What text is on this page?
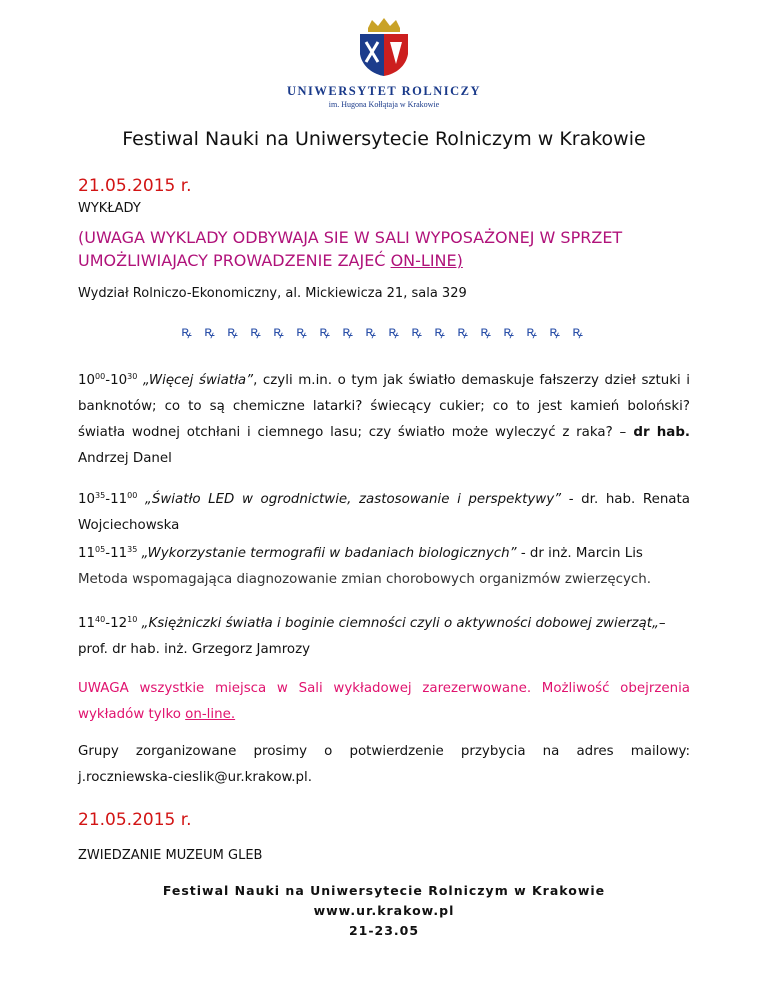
UNIWERSYTET ROLNICZY
im. Hugona Kołłątaja w Krakowie
Festiwal Nauki na Uniwersytecie Rolniczym w Krakowie
21.05.2015 r.
WYKŁADY
(UWAGA WYKLADY ODBYWAJA SIE W SALI WYPOSAŻONEJ W SPRZET
UMOŻLIWIAJACY PROWADZENIE ZAJEĆ ON-LINE)
Wydział Rolniczo-Ekonomiczny, al. Mickiewicza 21, sala 329
ꝶ ꝶ ꝶ ꝶ ꝶ ꝶ ꝶ ꝶ ꝶ ꝶ ꝶ ꝶ ꝶ ꝶ ꝶ ꝶ ꝶ ꝶ
$10^{00}-10^{30}$ „Więcej światła”, czyli m.in. o tym jak światło demaskuje fałszerzy dzieł sztuki i banknotów; co to są chemiczne latarki? świecący cukier; co to jest kamień boloński? światła wodnej otchłani i ciemnego lasu; czy światło może wyleczyć z raka? – dr hab. Andrzej Danel
$10^{35}-11^{00}$ „Światło LED w ogrodnictwie, zastosowanie i perspektywy” - dr. hab. Renata Wojciechowska
$11^{05}-11^{35}$ „Wykorzystanie termografii w badaniach biologicznych” - dr inż. Marcin Lis
Metoda wspomagająca diagnozowanie zmian chorobowych organizmów zwierzęcych.
$11^{40}-12^{10}$ „Księżniczki światła i boginie ciemności czyli o aktywności dobowej zwierząt„–
prof. dr hab. inż. Grzegorz Jamrozy
UWAGA wszystkie miejsca w Sali wykładowej zarezerwowane. Możliwość obejrzenia wykładów tylko on-line.
Grupy zorganizowane prosimy o potwierdzenie przybycia na adres mailowy:
j.roczniewska-cieslik@ur.krakow.pl.
21.05.2015 r.
ZWIEDZANIE MUZEUM GLEB
Festiwal Nauki na Uniwersytecie Rolniczym w Krakowie
www.ur.krakow.pl
21-23.05
